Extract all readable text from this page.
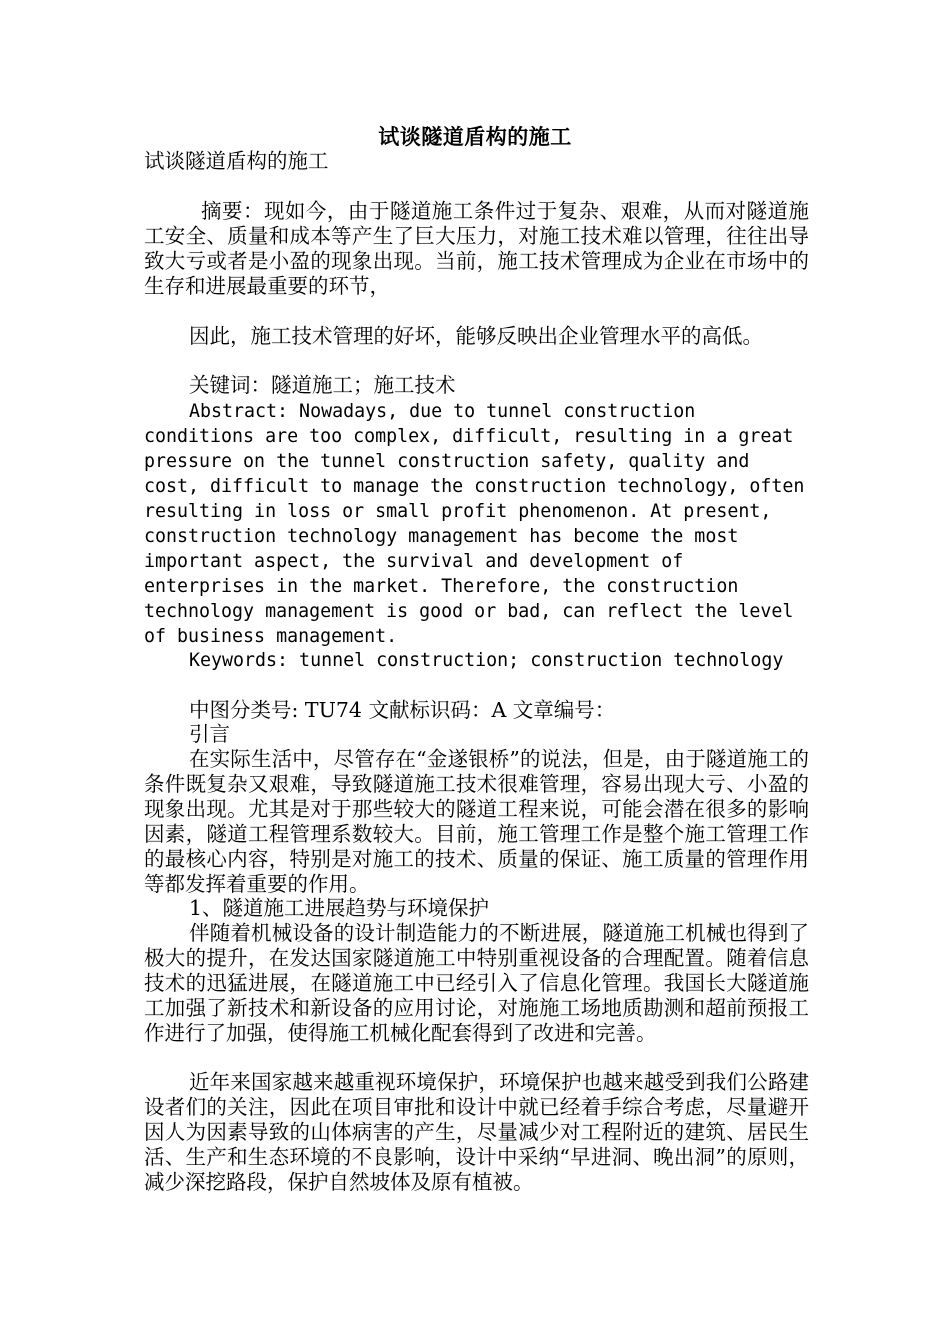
试谈隧道盾构的施工

试谈隧道盾构的施工

摘要：现如今，由于隧道施工条件过于复杂、艰难，从而对隧道施工安全、质量和成本等产生了巨大压力，对施工技术难以管理，往往出导致大亏或者是小盈的现象出现。当前，施工技术管理成为企业在市场中的生存和进展最重要的环节，

因此，施工技术管理的好坏，能够反映出企业管理水平的高低。

关键词：隧道施工；施工技术

Abstract: Nowadays, due to tunnel construction conditions are too complex, difficult, resulting in a great pressure on the tunnel construction safety, quality and cost, difficult to manage the construction technology, often resulting in loss or small profit phenomenon. At present, construction technology management has become the most important aspect, the survival and development of enterprises in the market. Therefore, the construction technology management is good or bad, can reflect the level of business management.

Keywords: tunnel construction; construction technology

中图分类号: TU74 文献标识码：A 文章编号：

引言

在实际生活中，尽管存在“金遂银桥”的说法，但是，由于隧道施工的条件既复杂又艰难，导致隧道施工技术很难管理，容易出现大亏、小盈的现象出现。尤其是对于那些较大的隧道工程来说，可能会潜在很多的影响因素，隧道工程管理系数较大。目前，施工管理工作是整个施工管理工作的最核心内容，特别是对施工的技术、质量的保证、施工质量的管理作用等都发挥着重要的作用。

1、隧道施工进展趋势与环境保护

伴随着机械设备的设计制造能力的不断进展，隧道施工机械也得到了极大的提升，在发达国家隧道施工中特别重视设备的合理配置。随着信息技术的迅猛进展，在隧道施工中已经引入了信息化管理。我国长大隧道施工加强了新技术和新设备的应用讨论，对施施工场地质勘测和超前预报工作进行了加强，使得施工机械化配套得到了改进和完善。

近年来国家越来越重视环境保护，环境保护也越来越受到我们公路建设者们的关注，因此在项目审批和设计中就已经着手综合考虑，尽量避开因人为因素导致的山体病害的产生，尽量减少对工程附近的建筑、居民生活、生产和生态环境的不良影响，设计中采纳“早进洞、晚出洞”的原则，减少深挖路段，保护自然坡体及原有植被。
